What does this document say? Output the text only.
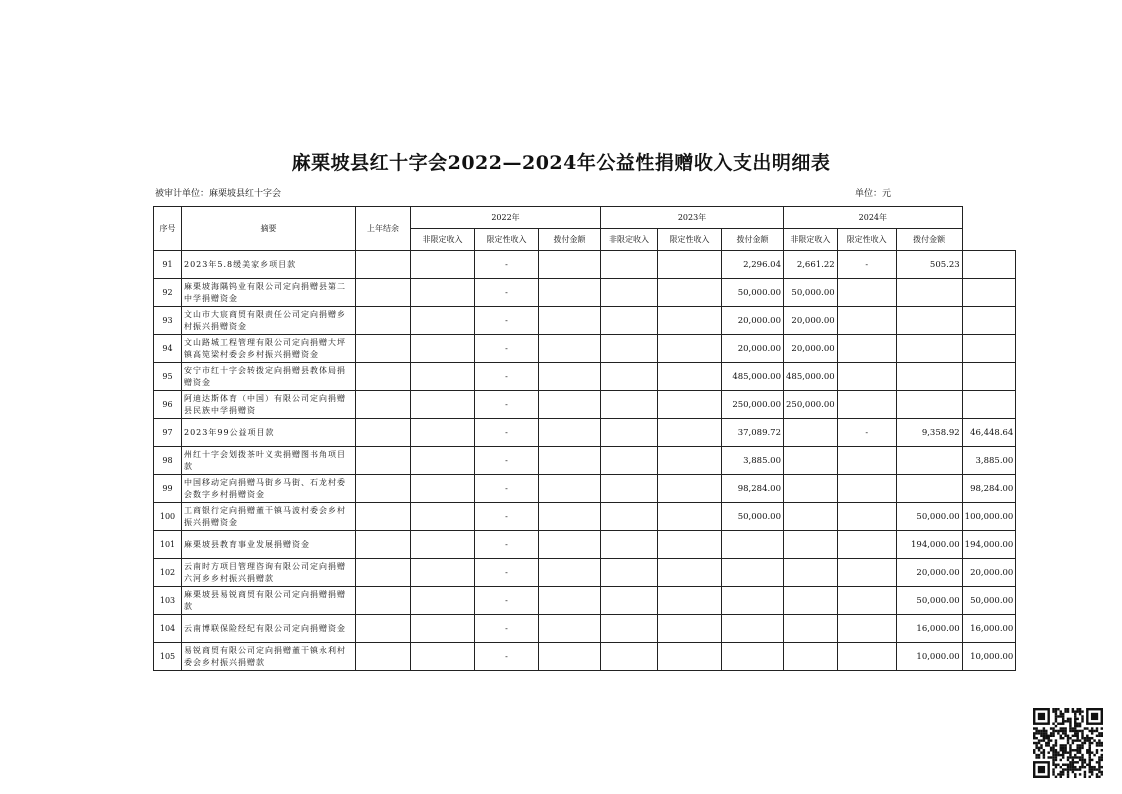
麻栗坡县红十字会2022—2024年公益性捐赠收入支出明细表
被审计单位：麻栗坡县红十字会	单位：元
序号	摘要	上年结余	2022年			2023年			2024年			
			非限定收入	限定性收入	拨付金额	非限定收入	限定性收入	拨付金额	非限定收入	限定性收入	拨付金额	
91	2023年5.8缓美家乡项目款			-				2,296.04	2,661.22	-	505.23	
92	麻栗坡海隅钨业有限公司定向捐赠县第二中学捐赠资金			-				50,000.00	50,000.00			
93	文山市大宸商贸有限责任公司定向捐赠乡村振兴捐赠资金			-				20,000.00	20,000.00			
94	文山路城工程管理有限公司定向捐赠大坪镇高笕梁村委会乡村振兴捐赠资金			-				20,000.00	20,000.00			
95	安宁市红十字会转拨定向捐赠县教体局捐赠资金			-				485,000.00	485,000.00			
96	阿迪达斯体育（中国）有限公司定向捐赠县民族中学捐赠资			-				250,000.00	250,000.00			
97	2023年99公益项目款			-				37,089.72		-	9,358.92	46,448.64
98	州红十字会划拨茶叶义卖捐赠图书角项目款			-				3,885.00				3,885.00
99	中国移动定向捐赠马街乡马街、石龙村委会数字乡村捐赠资金			-				98,284.00				98,284.00
100	工商银行定向捐赠董干镇马波村委会乡村振兴捐赠资金			-				50,000.00			50,000.00	100,000.00
101	麻栗坡县教育事业发展捐赠资金			-							194,000.00	194,000.00
102	云南时方项目管理咨询有限公司定向捐赠六河乡乡村振兴捐赠款			-							20,000.00	20,000.00
103	麻栗坡县易锐商贸有限公司定向捐赠捐赠款			-							50,000.00	50,000.00
104	云南博联保险经纪有限公司定向捐赠资金			-							16,000.00	16,000.00
105	易锐商贸有限公司定向捐赠董干镇永利村委会乡村振兴捐赠款			-							10,000.00	10,000.00
